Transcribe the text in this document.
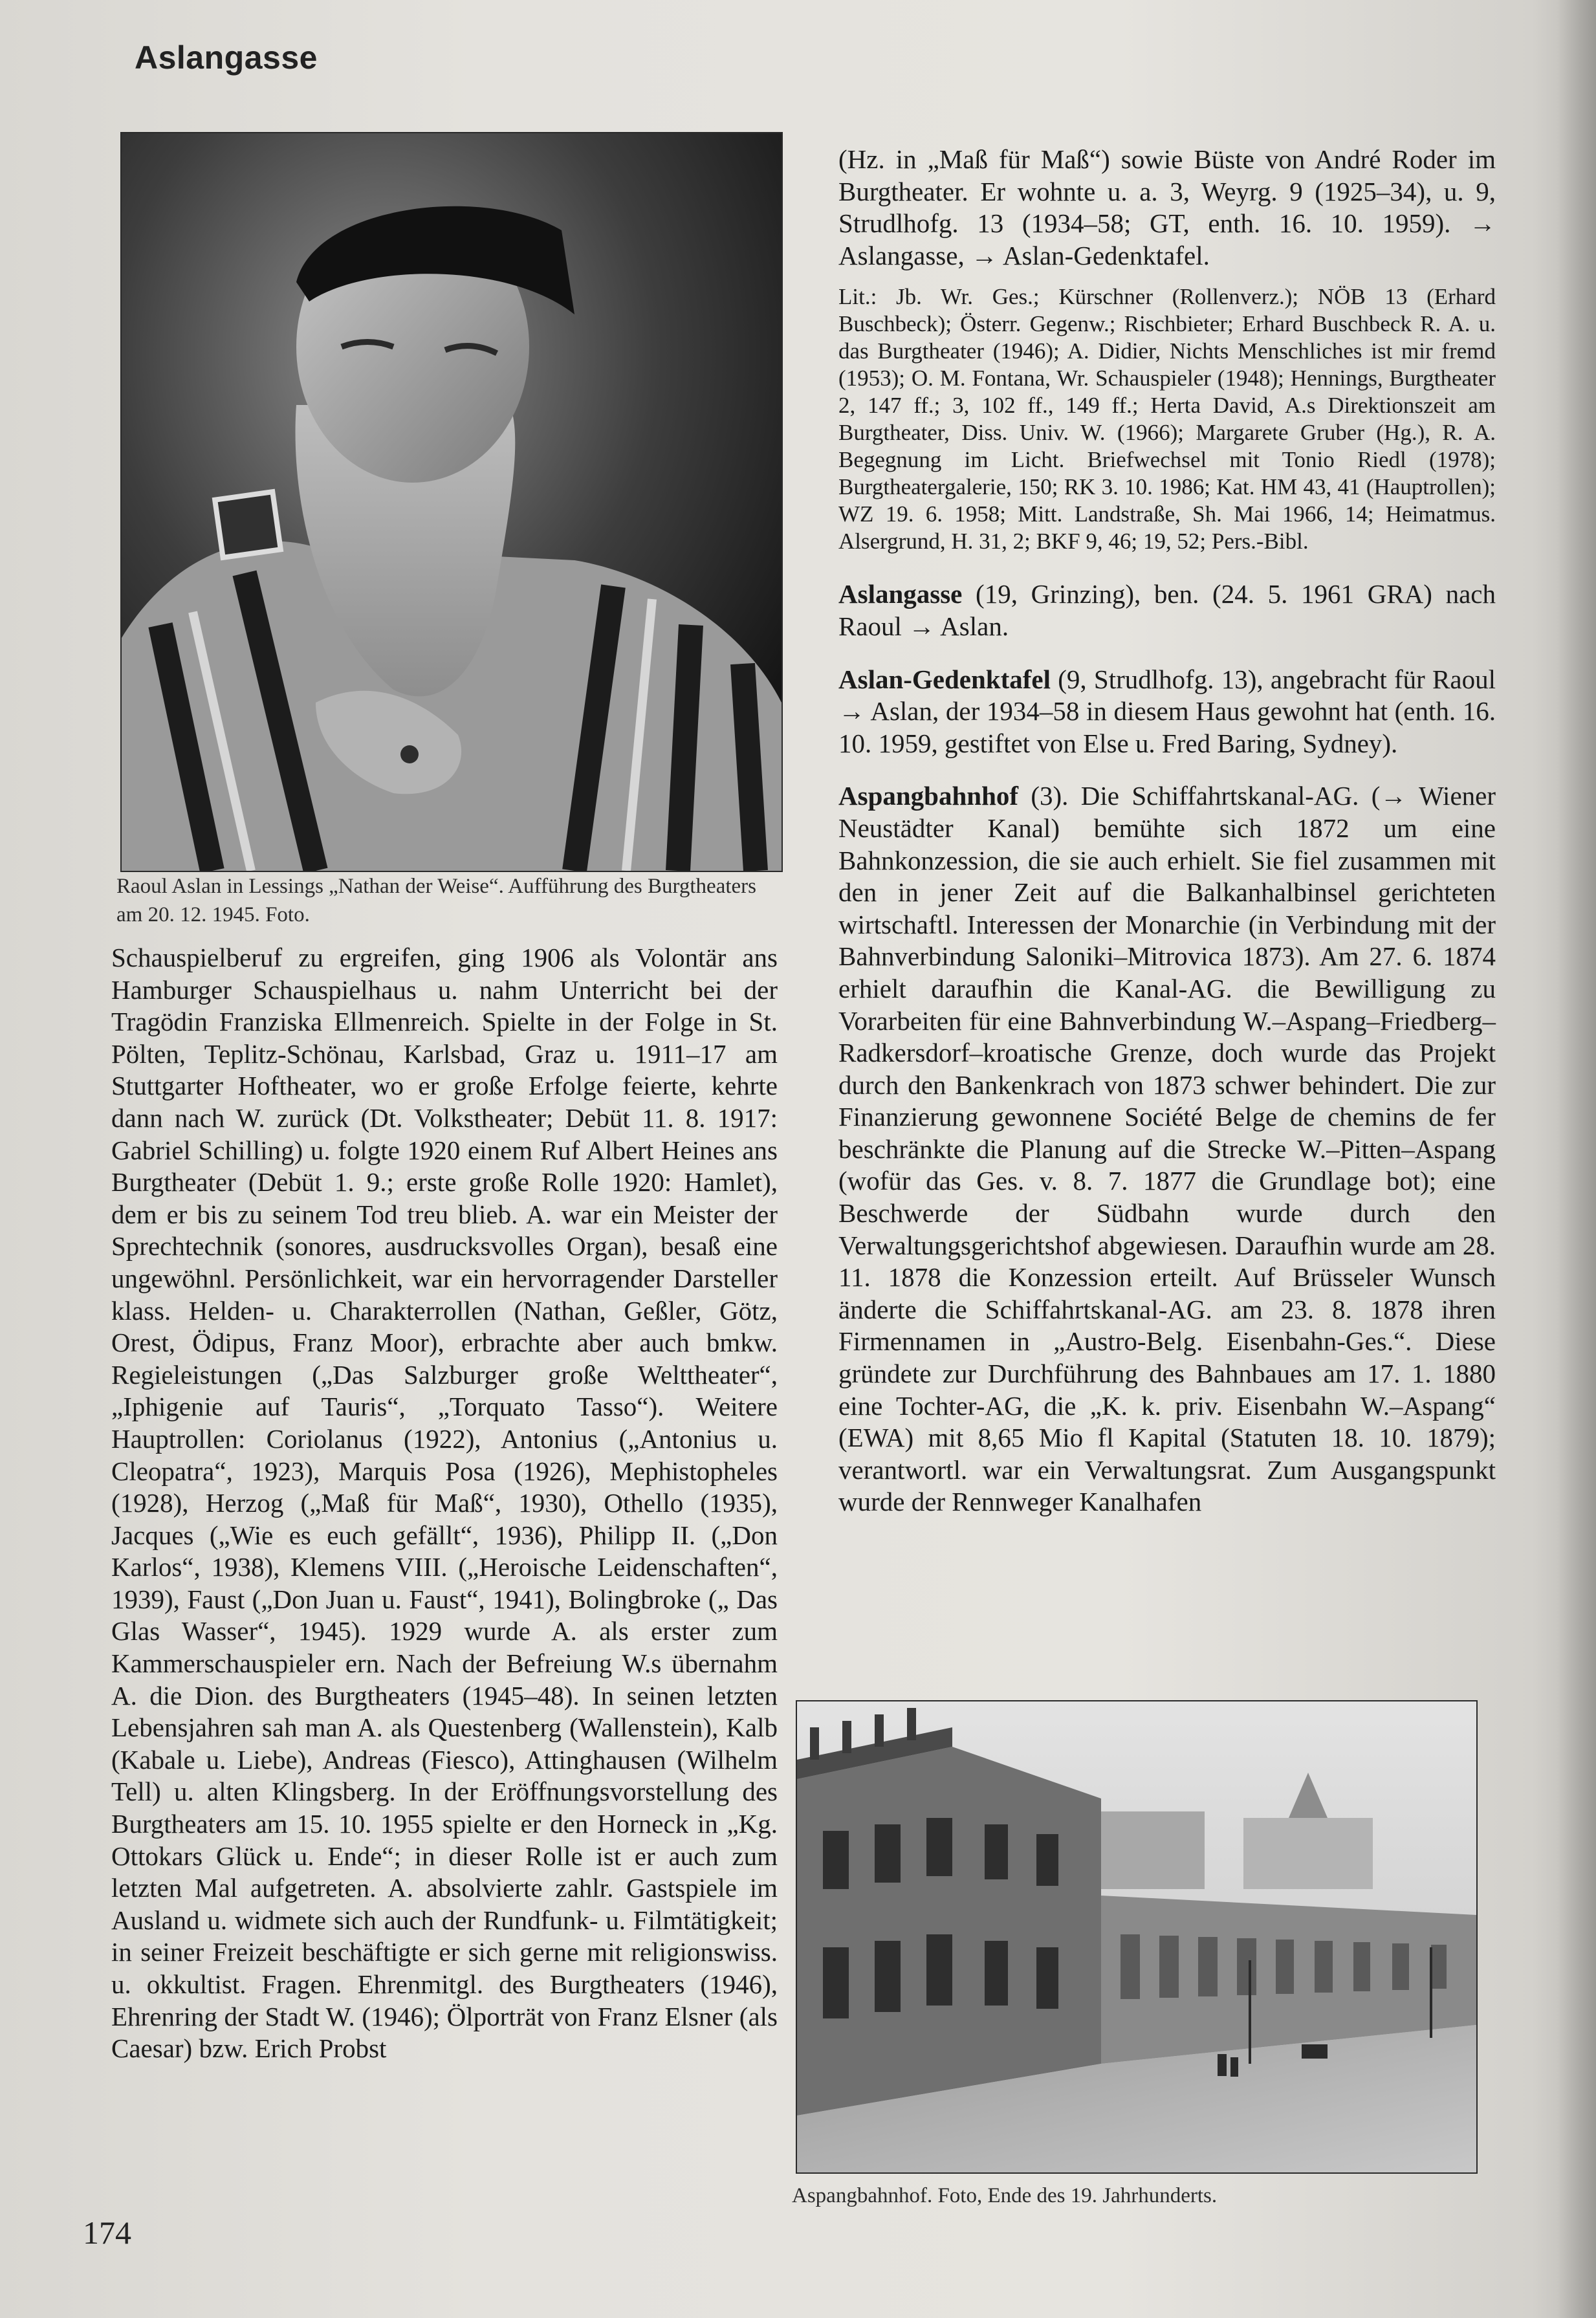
Aslangasse
Raoul Aslan in Lessings „Nathan der Weise“. Aufführung des Burgtheaters am 20. 12. 1945. Foto.

Schauspielberuf zu ergreifen, ging 1906 als Volontär ans Hamburger Schauspielhaus u. nahm Unterricht bei der Tragödin Franziska Ellmenreich. Spielte in der Folge in St. Pölten, Teplitz-Schönau, Karlsbad, Graz u. 1911–17 am Stuttgarter Hoftheater, wo er große Erfolge feierte, kehrte dann nach W. zurück (Dt. Volkstheater; Debüt 11. 8. 1917: Gabriel Schilling) u. folgte 1920 einem Ruf Albert Heines ans Burgtheater (Debüt 1. 9.; erste große Rolle 1920: Hamlet), dem er bis zu seinem Tod treu blieb. A. war ein Meister der Sprechtechnik (sonores, ausdrucksvolles Organ), besaß eine ungewöhnl. Persönlichkeit, war ein hervorragender Darsteller klass. Helden- u. Charakterrollen (Nathan, Geßler, Götz, Orest, Ödipus, Franz Moor), erbrachte aber auch bmkw. Regieleistungen („Das Salzburger große Welttheater“, „Iphigenie auf Tauris“, „Torquato Tasso“). Weitere Hauptrollen: Coriolanus (1922), Antonius („Antonius u. Cleopatra“, 1923), Marquis Posa (1926), Mephistopheles (1928), Herzog („Maß für Maß“, 1930), Othello (1935), Jacques („Wie es euch gefällt“, 1936), Philipp II. („Don Karlos“, 1938), Klemens VIII. („Heroische Leidenschaften“, 1939), Faust („Don Juan u. Faust“, 1941), Bolingbroke („ Das Glas Wasser“, 1945). 1929 wurde A. als erster zum Kammerschauspieler ern. Nach der Befreiung W.s übernahm A. die Dion. des Burgtheaters (1945–48). In seinen letzten Lebensjahren sah man A. als Questenberg (Wallenstein), Kalb (Kabale u. Liebe), Andreas (Fiesco), Attinghausen (Wilhelm Tell) u. alten Klingsberg. In der Eröffnungsvorstellung des Burgtheaters am 15. 10. 1955 spielte er den Horneck in „Kg. Ottokars Glück u. Ende“; in dieser Rolle ist er auch zum letzten Mal aufgetreten. A. absolvierte zahlr. Gastspiele im Ausland u. widmete sich auch der Rundfunk- u. Filmtätigkeit; in seiner Freizeit beschäftigte er sich gerne mit religionswiss. u. okkultist. Fragen. Ehrenmitgl. des Burgtheaters (1946), Ehrenring der Stadt W. (1946); Ölporträt von Franz Elsner (als Caesar) bzw. Erich Probst

(Hz. in „Maß für Maß“) sowie Büste von André Roder im Burgtheater. Er wohnte u. a. 3, Weyrg. 9 (1925–34), u. 9, Strudlhofg. 13 (1934–58; GT, enth. 16. 10. 1959). → Aslangasse, → Aslan-Gedenktafel.

Lit.: Jb. Wr. Ges.; Kürschner (Rollenverz.); NÖB 13 (Erhard Buschbeck); Österr. Gegenw.; Rischbieter; Erhard Buschbeck R. A. u. das Burgtheater (1946); A. Didier, Nichts Menschliches ist mir fremd (1953); O. M. Fontana, Wr. Schauspieler (1948); Hennings, Burgtheater 2, 147 ff.; 3, 102 ff., 149 ff.; Herta David, A.s Direktionszeit am Burgtheater, Diss. Univ. W. (1966); Margarete Gruber (Hg.), R. A. Begegnung im Licht. Briefwechsel mit Tonio Riedl (1978); Burgtheatergalerie, 150; RK 3. 10. 1986; Kat. HM 43, 41 (Hauptrollen); WZ 19. 6. 1958; Mitt. Landstraße, Sh. Mai 1966, 14; Heimatmus. Alsergrund, H. 31, 2; BKF 9, 46; 19, 52; Pers.-Bibl.

Aslangasse (19, Grinzing), ben. (24. 5. 1961 GRA) nach Raoul → Aslan.

Aslan-Gedenktafel (9, Strudlhofg. 13), angebracht für Raoul → Aslan, der 1934–58 in diesem Haus gewohnt hat (enth. 16. 10. 1959, gestiftet von Else u. Fred Baring, Sydney).

Aspangbahnhof (3). Die Schiffahrtskanal-AG. (→ Wiener Neustädter Kanal) bemühte sich 1872 um eine Bahnkonzession, die sie auch erhielt. Sie fiel zusammen mit den in jener Zeit auf die Balkanhalbinsel gerichteten wirtschaftl. Interessen der Monarchie (in Verbindung mit der Bahnverbindung Saloniki–Mitrovica 1873). Am 27. 6. 1874 erhielt daraufhin die Kanal-AG. die Bewilligung zu Vorarbeiten für eine Bahnverbindung W.–Aspang–Friedberg–Radkersdorf–kroatische Grenze, doch wurde das Projekt durch den Bankenkrach von 1873 schwer behindert. Die zur Finanzierung gewonnene Société Belge de chemins de fer beschränkte die Planung auf die Strecke W.–Pitten–Aspang (wofür das Ges. v. 8. 7. 1877 die Grundlage bot); eine Beschwerde der Südbahn wurde durch den Verwaltungsgerichtshof abgewiesen. Daraufhin wurde am 28. 11. 1878 die Konzession erteilt. Auf Brüsseler Wunsch änderte die Schiffahrtskanal-AG. am 23. 8. 1878 ihren Firmennamen in „Austro-Belg. Eisenbahn-Ges.“. Diese gründete zur Durchführung des Bahnbaues am 17. 1. 1880 eine Tochter-AG, die „K. k. priv. Eisenbahn W.–Aspang“ (EWA) mit 8,65 Mio fl Kapital (Statuten 18. 10. 1879); verantwortl. war ein Verwaltungsrat. Zum Ausgangspunkt wurde der Rennweger Kanalhafen

Aspangbahnhof. Foto, Ende des 19. Jahrhunderts.
174
